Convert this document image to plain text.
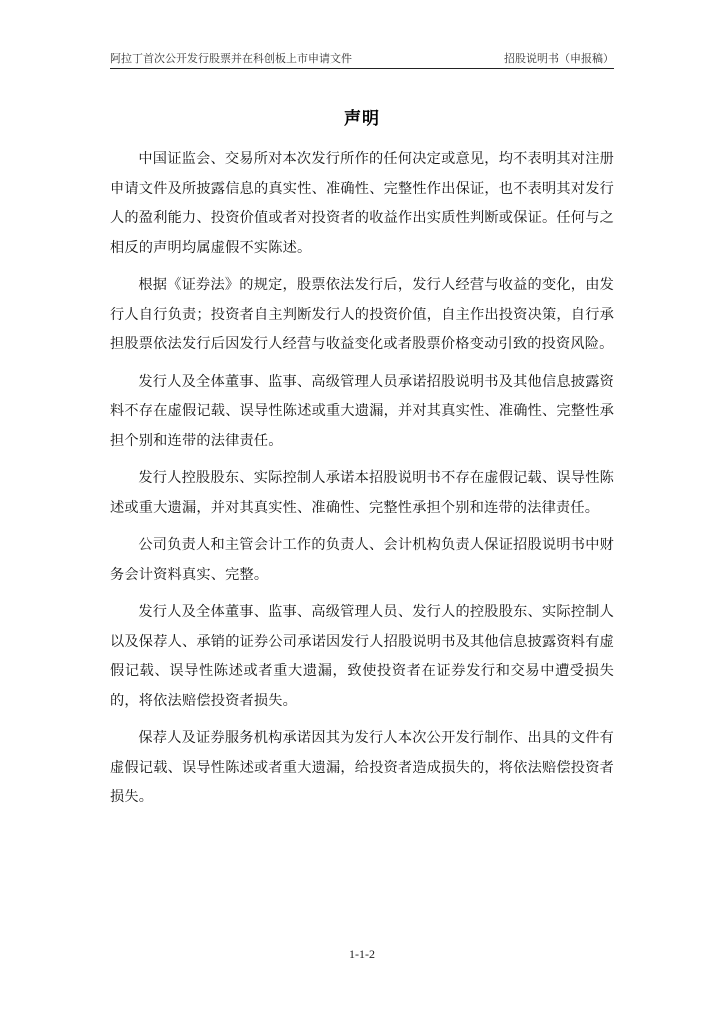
阿拉丁首次公开发行股票并在科创板上市申请文件	招股说明书（申报稿）
声明

中国证监会、交易所对本次发行所作的任何决定或意见，均不表明其对注册申请文件及所披露信息的真实性、准确性、完整性作出保证，也不表明其对发行人的盈利能力、投资价值或者对投资者的收益作出实质性判断或保证。任何与之相反的声明均属虚假不实陈述。

根据《证券法》的规定，股票依法发行后，发行人经营与收益的变化，由发行人自行负责；投资者自主判断发行人的投资价值，自主作出投资决策，自行承担股票依法发行后因发行人经营与收益变化或者股票价格变动引致的投资风险。

发行人及全体董事、监事、高级管理人员承诺招股说明书及其他信息披露资料不存在虚假记载、误导性陈述或重大遗漏，并对其真实性、准确性、完整性承担个别和连带的法律责任。

发行人控股股东、实际控制人承诺本招股说明书不存在虚假记载、误导性陈述或重大遗漏，并对其真实性、准确性、完整性承担个别和连带的法律责任。

公司负责人和主管会计工作的负责人、会计机构负责人保证招股说明书中财务会计资料真实、完整。

发行人及全体董事、监事、高级管理人员、发行人的控股股东、实际控制人以及保荐人、承销的证券公司承诺因发行人招股说明书及其他信息披露资料有虚假记载、误导性陈述或者重大遗漏，致使投资者在证券发行和交易中遭受损失的，将依法赔偿投资者损失。

保荐人及证券服务机构承诺因其为发行人本次公开发行制作、出具的文件有虚假记载、误导性陈述或者重大遗漏，给投资者造成损失的，将依法赔偿投资者损失。

1-1-2
